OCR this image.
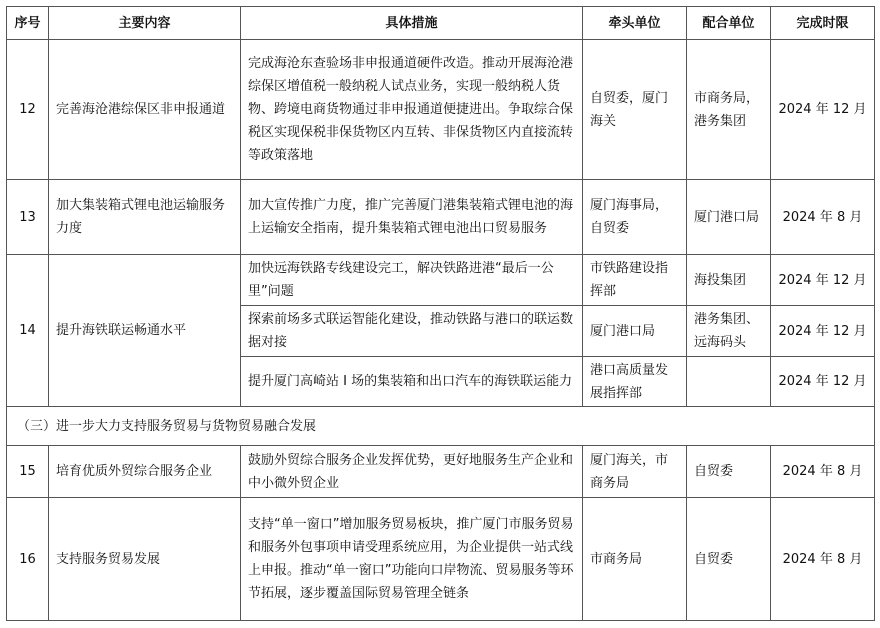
序号	主要内容	具体措施	牵头单位	配合单位	完成时限
12	完善海沧港综保区非申报通道	完成海沧东查验场非申报通道硬件改造。推动开展海沧港综保区增值税一般纳税人试点业务，实现一般纳税人货物、跨境电商货物通过非申报通道便捷进出。争取综合保税区实现保税非保货物区内互转、非保货物区内直接流转等政策落地	自贸委，厦门海关	市商务局，港务集团	2024 年 12 月
13	加大集装箱式锂电池运输服务力度	加大宣传推广力度，推广完善厦门港集装箱式锂电池的海上运输安全指南，提升集装箱式锂电池出口贸易服务	厦门海事局，自贸委	厦门港口局	2024 年 8 月
14	提升海铁联运畅通水平	加快远海铁路专线建设完工，解决铁路进港“最后一公里”问题	市铁路建设指挥部	海投集团	2024 年 12 月
		探索前场多式联运智能化建设，推动铁路与港口的联运数据对接	厦门港口局	港务集团、远海码头	2024 年 12 月
		提升厦门高崎站 I 场的集装箱和出口汽车的海铁联运能力	港口高质量发展指挥部		2024 年 12 月
（三）进一步大力支持服务贸易与货物贸易融合发展					
15	培育优质外贸综合服务企业	鼓励外贸综合服务企业发挥优势，更好地服务生产企业和中小微外贸企业	厦门海关，市商务局	自贸委	2024 年 8 月
16	支持服务贸易发展	支持“单一窗口”增加服务贸易板块，推广厦门市服务贸易和服务外包事项申请受理系统应用，为企业提供一站式线上申报。推动“单一窗口”功能向口岸物流、贸易服务等环节拓展，逐步覆盖国际贸易管理全链条	市商务局	自贸委	2024 年 8 月
